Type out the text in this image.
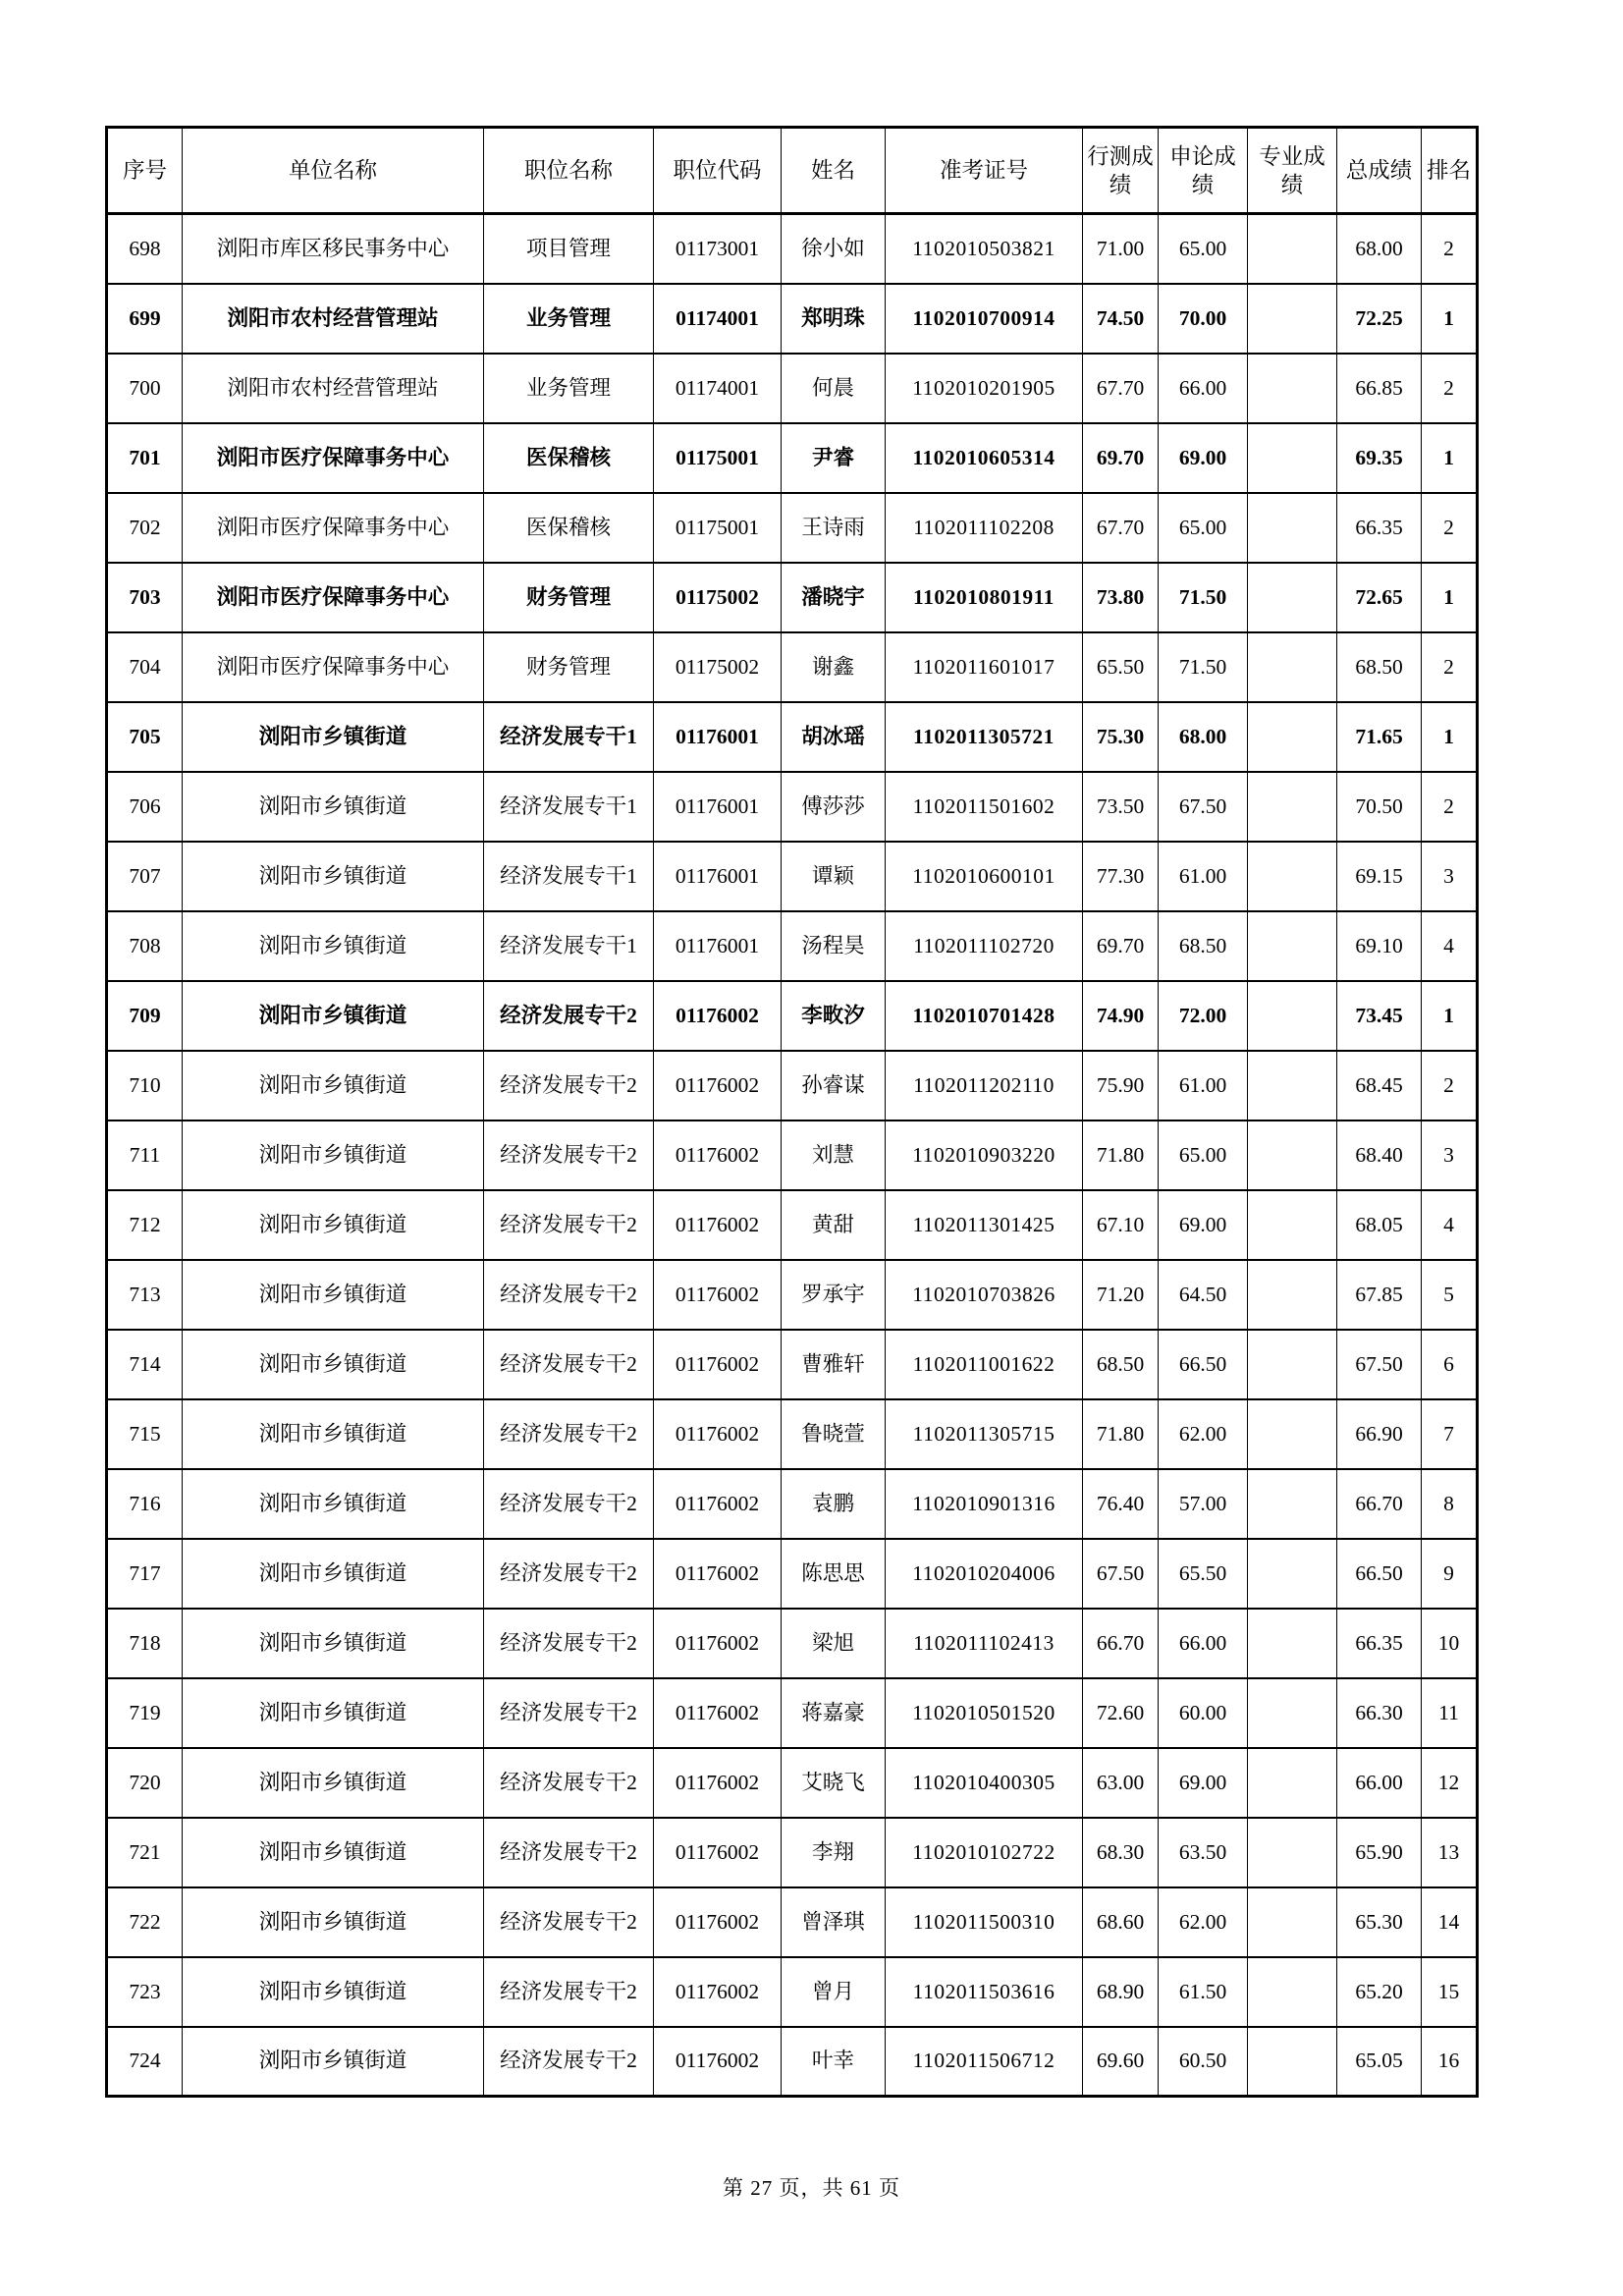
序号	单位名称	职位名称	职位代码	姓名	准考证号	行测成绩	申论成绩	专业成绩	总成绩	排名
698	浏阳市库区移民事务中心	项目管理	01173001	徐小如	1102010503821	71.00	65.00		68.00	2
699	浏阳市农村经营管理站	业务管理	01174001	郑明珠	1102010700914	74.50	70.00		72.25	1
700	浏阳市农村经营管理站	业务管理	01174001	何晨	1102010201905	67.70	66.00		66.85	2
701	浏阳市医疗保障事务中心	医保稽核	01175001	尹睿	1102010605314	69.70	69.00		69.35	1
702	浏阳市医疗保障事务中心	医保稽核	01175001	王诗雨	1102011102208	67.70	65.00		66.35	2
703	浏阳市医疗保障事务中心	财务管理	01175002	潘晓宇	1102010801911	73.80	71.50		72.65	1
704	浏阳市医疗保障事务中心	财务管理	01175002	谢鑫	1102011601017	65.50	71.50		68.50	2
705	浏阳市乡镇街道	经济发展专干1	01176001	胡冰瑶	1102011305721	75.30	68.00		71.65	1
706	浏阳市乡镇街道	经济发展专干1	01176001	傅莎莎	1102011501602	73.50	67.50		70.50	2
707	浏阳市乡镇街道	经济发展专干1	01176001	谭颖	1102010600101	77.30	61.00		69.15	3
708	浏阳市乡镇街道	经济发展专干1	01176001	汤程昊	1102011102720	69.70	68.50		69.10	4
709	浏阳市乡镇街道	经济发展专干2	01176002	李畋汐	1102010701428	74.90	72.00		73.45	1
710	浏阳市乡镇街道	经济发展专干2	01176002	孙睿谋	1102011202110	75.90	61.00		68.45	2
711	浏阳市乡镇街道	经济发展专干2	01176002	刘慧	1102010903220	71.80	65.00		68.40	3
712	浏阳市乡镇街道	经济发展专干2	01176002	黄甜	1102011301425	67.10	69.00		68.05	4
713	浏阳市乡镇街道	经济发展专干2	01176002	罗承宇	1102010703826	71.20	64.50		67.85	5
714	浏阳市乡镇街道	经济发展专干2	01176002	曹雅轩	1102011001622	68.50	66.50		67.50	6
715	浏阳市乡镇街道	经济发展专干2	01176002	鲁晓萱	1102011305715	71.80	62.00		66.90	7
716	浏阳市乡镇街道	经济发展专干2	01176002	袁鹏	1102010901316	76.40	57.00		66.70	8
717	浏阳市乡镇街道	经济发展专干2	01176002	陈思思	1102010204006	67.50	65.50		66.50	9
718	浏阳市乡镇街道	经济发展专干2	01176002	梁旭	1102011102413	66.70	66.00		66.35	10
719	浏阳市乡镇街道	经济发展专干2	01176002	蒋嘉豪	1102010501520	72.60	60.00		66.30	11
720	浏阳市乡镇街道	经济发展专干2	01176002	艾晓飞	1102010400305	63.00	69.00		66.00	12
721	浏阳市乡镇街道	经济发展专干2	01176002	李翔	1102010102722	68.30	63.50		65.90	13
722	浏阳市乡镇街道	经济发展专干2	01176002	曾泽琪	1102011500310	68.60	62.00		65.30	14
723	浏阳市乡镇街道	经济发展专干2	01176002	曾月	1102011503616	68.90	61.50		65.20	15
724	浏阳市乡镇街道	经济发展专干2	01176002	叶幸	1102011506712	69.60	60.50		65.05	16
第 27 页，共 61 页
